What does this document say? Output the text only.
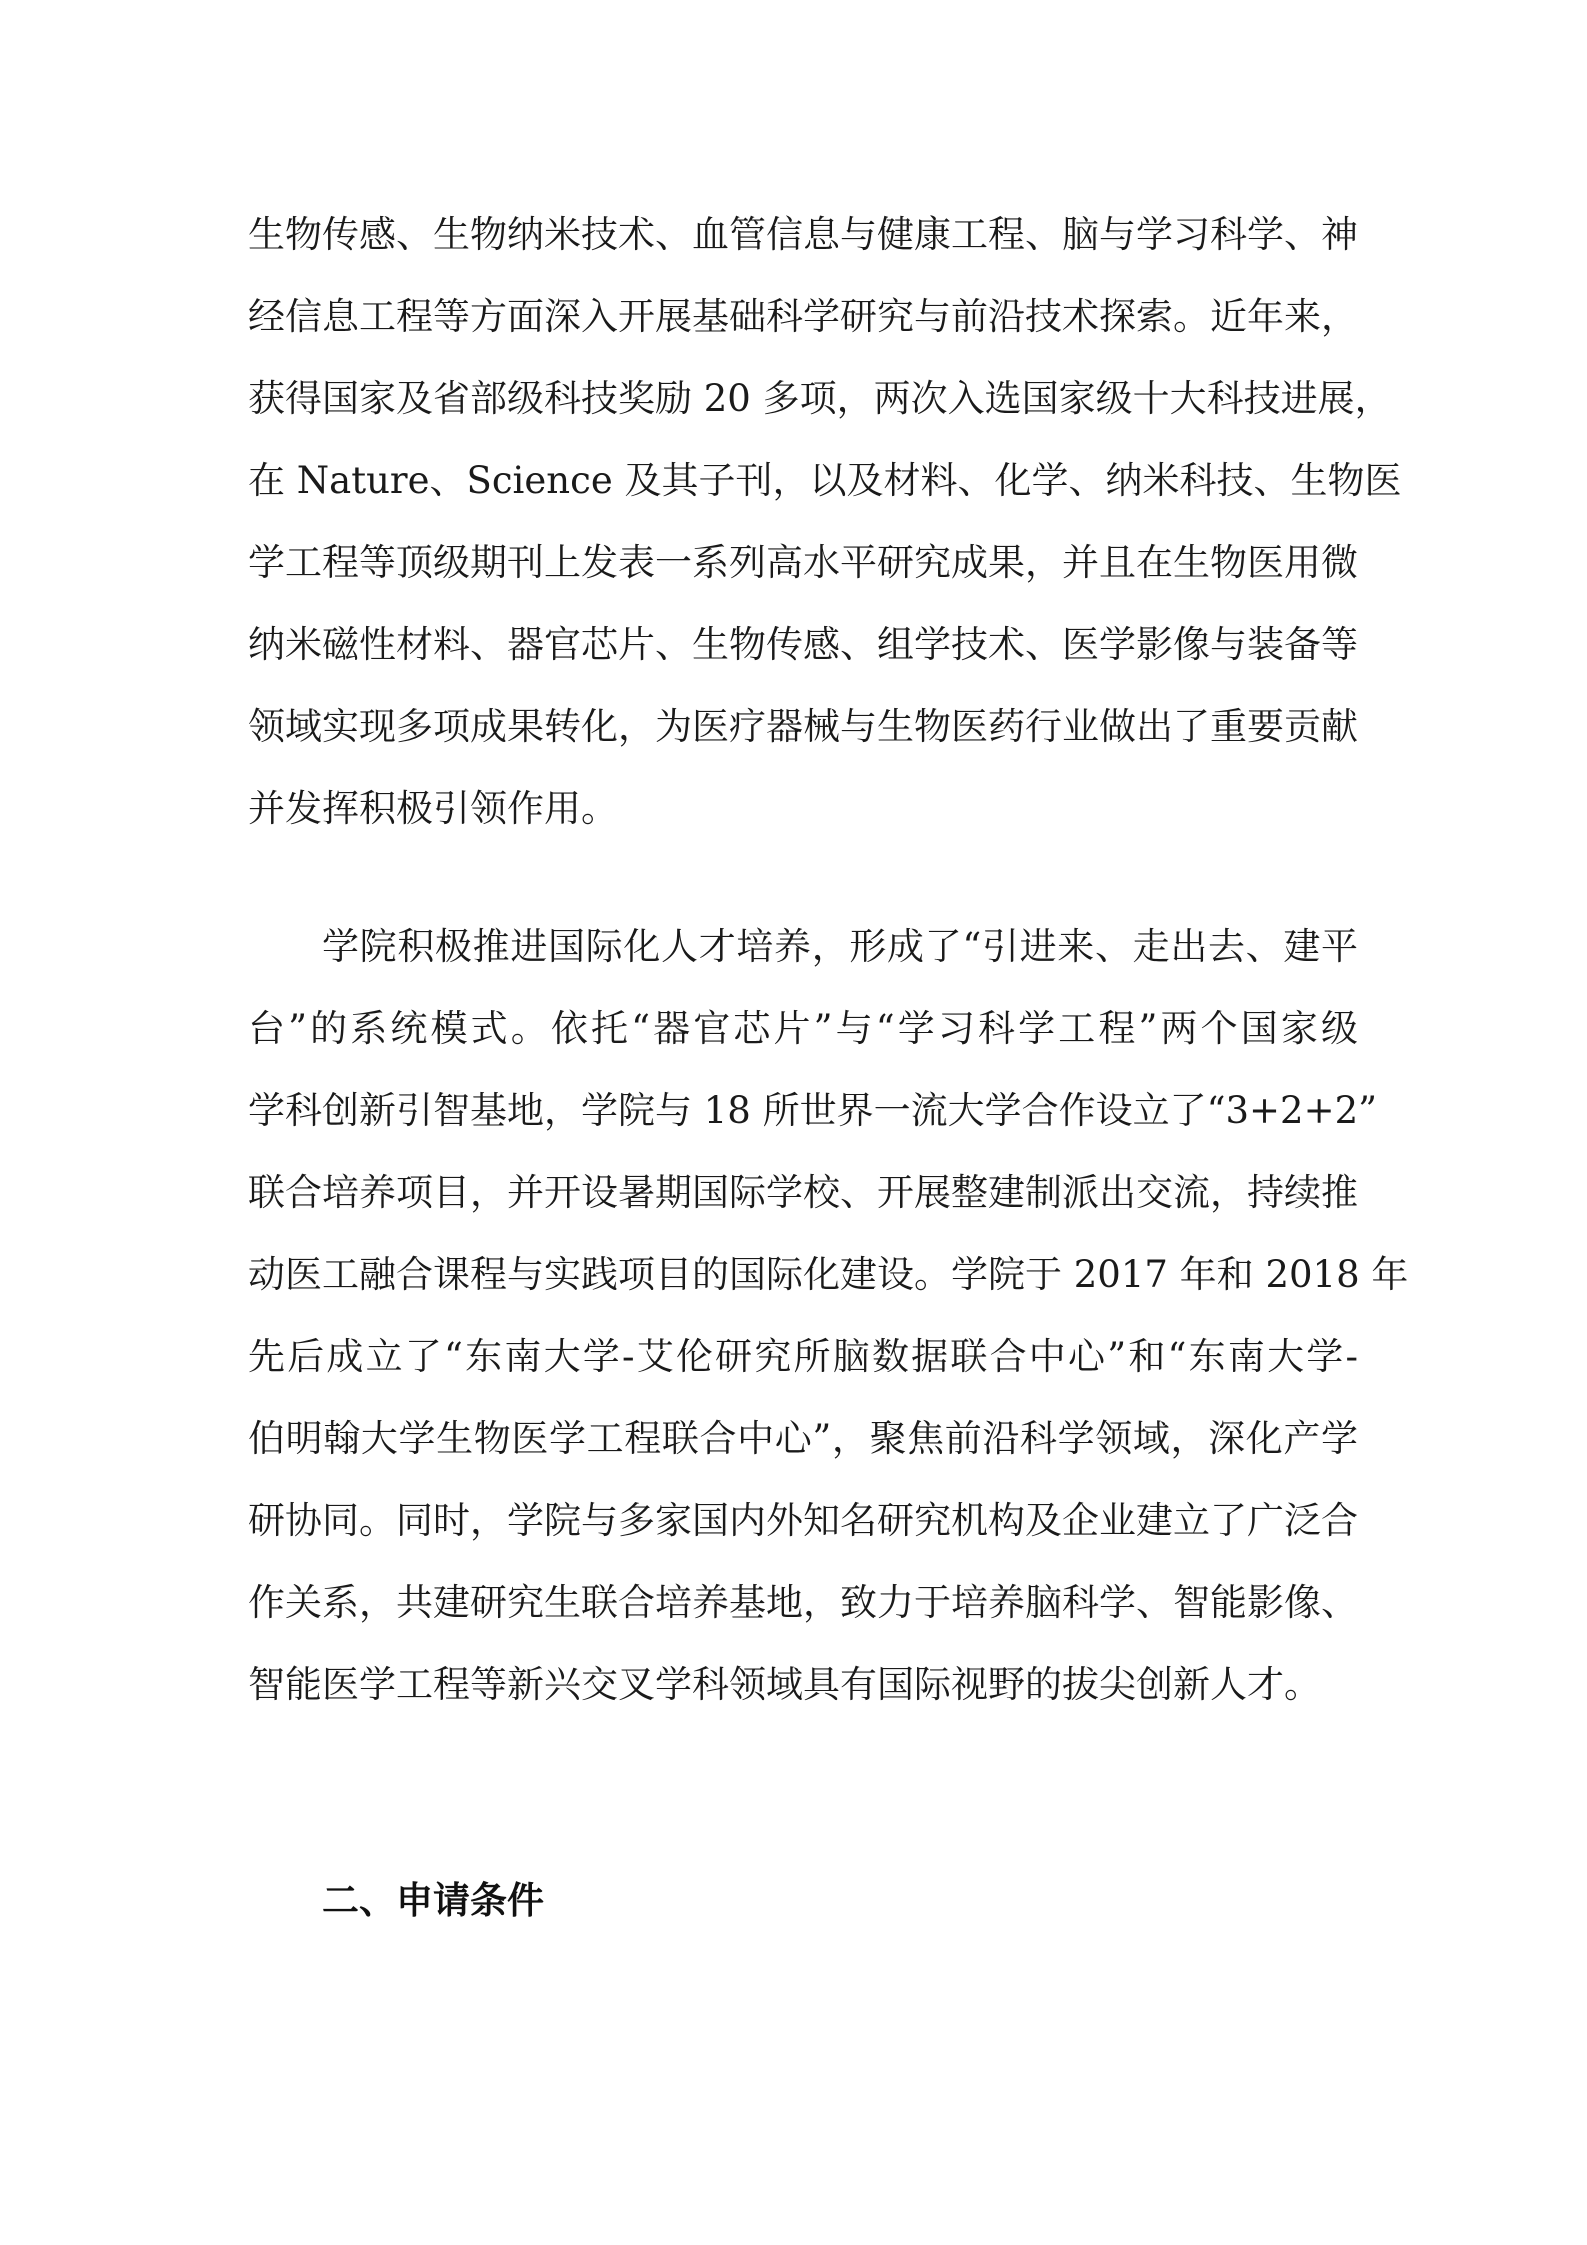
生物传感、生物纳米技术、血管信息与健康工程、脑与学习科学、神

经信息工程等方面深入开展基础科学研究与前沿技术探索。近年来，

获得国家及省部级科技奖励 20 多项，两次入选国家级十大科技进展，

在 Nature、Science 及其子刊，以及材料、化学、纳米科技、生物医

学工程等顶级期刊上发表一系列高水平研究成果，并且在生物医用微

纳米磁性材料、器官芯片、生物传感、组学技术、医学影像与装备等

领域实现多项成果转化，为医疗器械与生物医药行业做出了重要贡献

并发挥积极引领作用。

学院积极推进国际化人才培养，形成了“引进来、走出去、建平

台”的系统模式。依托“器官芯片”与“学习科学工程”两个国家级

学科创新引智基地，学院与 18 所世界一流大学合作设立了“3+2+2”

联合培养项目，并开设暑期国际学校、开展整建制派出交流，持续推

动医工融合课程与实践项目的国际化建设。学院于 2017 年和 2018 年

先后成立了“东南大学-艾伦研究所脑数据联合中心”和“东南大学-

伯明翰大学生物医学工程联合中心”，聚焦前沿科学领域，深化产学

研协同。同时，学院与多家国内外知名研究机构及企业建立了广泛合

作关系，共建研究生联合培养基地，致力于培养脑科学、智能影像、

智能医学工程等新兴交叉学科领域具有国际视野的拔尖创新人才。

二、申请条件
